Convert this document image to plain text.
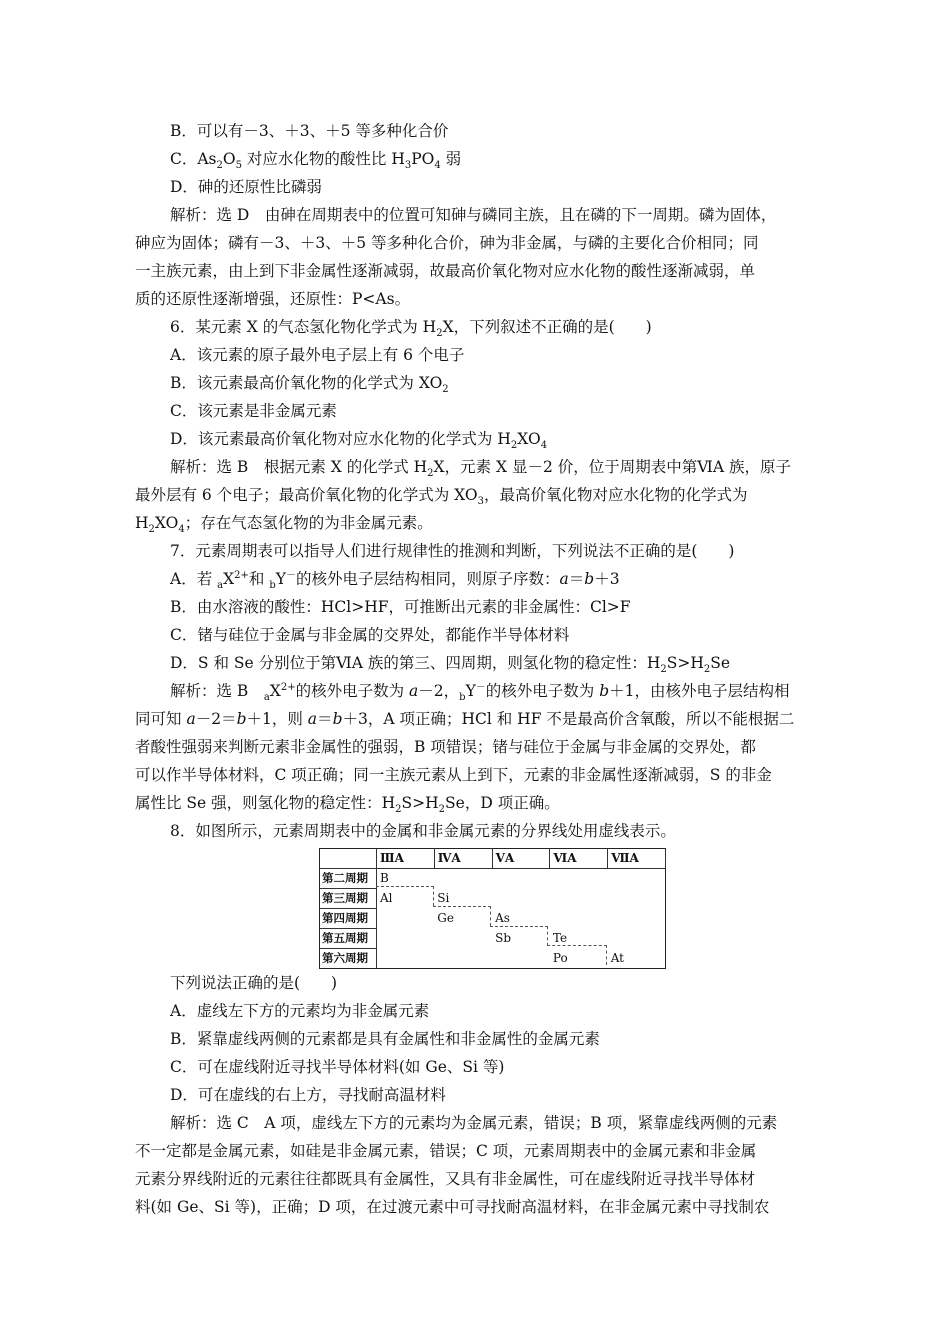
B．可以有－3、＋3、＋5 等多种化合价
C．$As_2O_5$ 对应水化物的酸性比 $H_3PO_4$ 弱
D．砷的还原性比磷弱
解析：选 D　由砷在周期表中的位置可知砷与磷同主族，且在磷的下一周期。磷为固体，
砷应为固体；磷有－3、＋3、＋5 等多种化合价，砷为非金属，与磷的主要化合价相同；同
一主族元素，由上到下非金属性逐渐减弱，故最高价氧化物对应水化物的酸性逐渐减弱，单
质的还原性逐渐增强，还原性：P<As。
6．某元素 X 的气态氢化物化学式为 $H_2X$，下列叙述不正确的是(　　)
A．该元素的原子最外电子层上有 6 个电子
B．该元素最高价氧化物的化学式为 $XO_2$
C．该元素是非金属元素
D．该元素最高价氧化物对应水化物的化学式为 $H_2XO_4$
解析：选 B　根据元素 X 的化学式 $H_2X$，元素 X 显－2 价，位于周期表中第ⅥA 族，原子
最外层有 6 个电子；最高价氧化物的化学式为 $XO_3$，最高价氧化物对应水化物的化学式为
$H_2XO_4$；存在气态氢化物的为非金属元素。
7．元素周期表可以指导人们进行规律性的推测和判断，下列说法不正确的是(　　)
A．若 $_aX^{2+}$和 $_b$Y－的核外电子层结构相同，则原子序数：a＝b＋3
B．由水溶液的酸性：HCl>HF，可推断出元素的非金属性：Cl>F
C．锗与硅位于金属与非金属的交界处，都能作半导体材料
D．S 和 Se 分别位于第ⅥA 族的第三、四周期，则氢化物的稳定性：$H_2S>H_2Se$
解析：选 B　$_aX^{2+}$的核外电子数为 a－2，$_b$Y－的核外电子数为 b＋1，由核外电子层结构相
同可知 a－2＝b＋1，则 a＝b＋3，A 项正确；HCl 和 HF 不是最高价含氧酸，所以不能根据二
者酸性强弱来判断元素非金属性的强弱，B 项错误；锗与硅位于金属与非金属的交界处，都
可以作半导体材料，C 项正确；同一主族元素从上到下，元素的非金属性逐渐减弱，S 的非金
属性比 Se 强，则氢化物的稳定性：$H_2S>H_2Se$，D 项正确。
8．如图所示，元素周期表中的金属和非金属元素的分界线处用虚线表示。
下列说法正确的是(　　)
A．虚线左下方的元素均为非金属元素
B．紧靠虚线两侧的元素都是具有金属性和非金属性的金属元素
C．可在虚线附近寻找半导体材料(如 Ge、Si 等)
D．可在虚线的右上方，寻找耐高温材料
解析：选 C　A 项，虚线左下方的元素均为金属元素，错误；B 项，紧靠虚线两侧的元素
不一定都是金属元素，如硅是非金属元素，错误；C 项，元素周期表中的金属元素和非金属
元素分界线附近的元素往往都既具有金属性，又具有非金属性，可在虚线附近寻找半导体材
料(如 Ge、Si 等)，正确；D 项，在过渡元素中可寻找耐高温材料，在非金属元素中寻找制农
	ⅢA	ⅣA	ⅤA	ⅥA	ⅦA
第二周期	B				
第三周期	Al	Si			
第四周期		Ge	As		
第五周期			Sb	Te	
第六周期				Po	At
